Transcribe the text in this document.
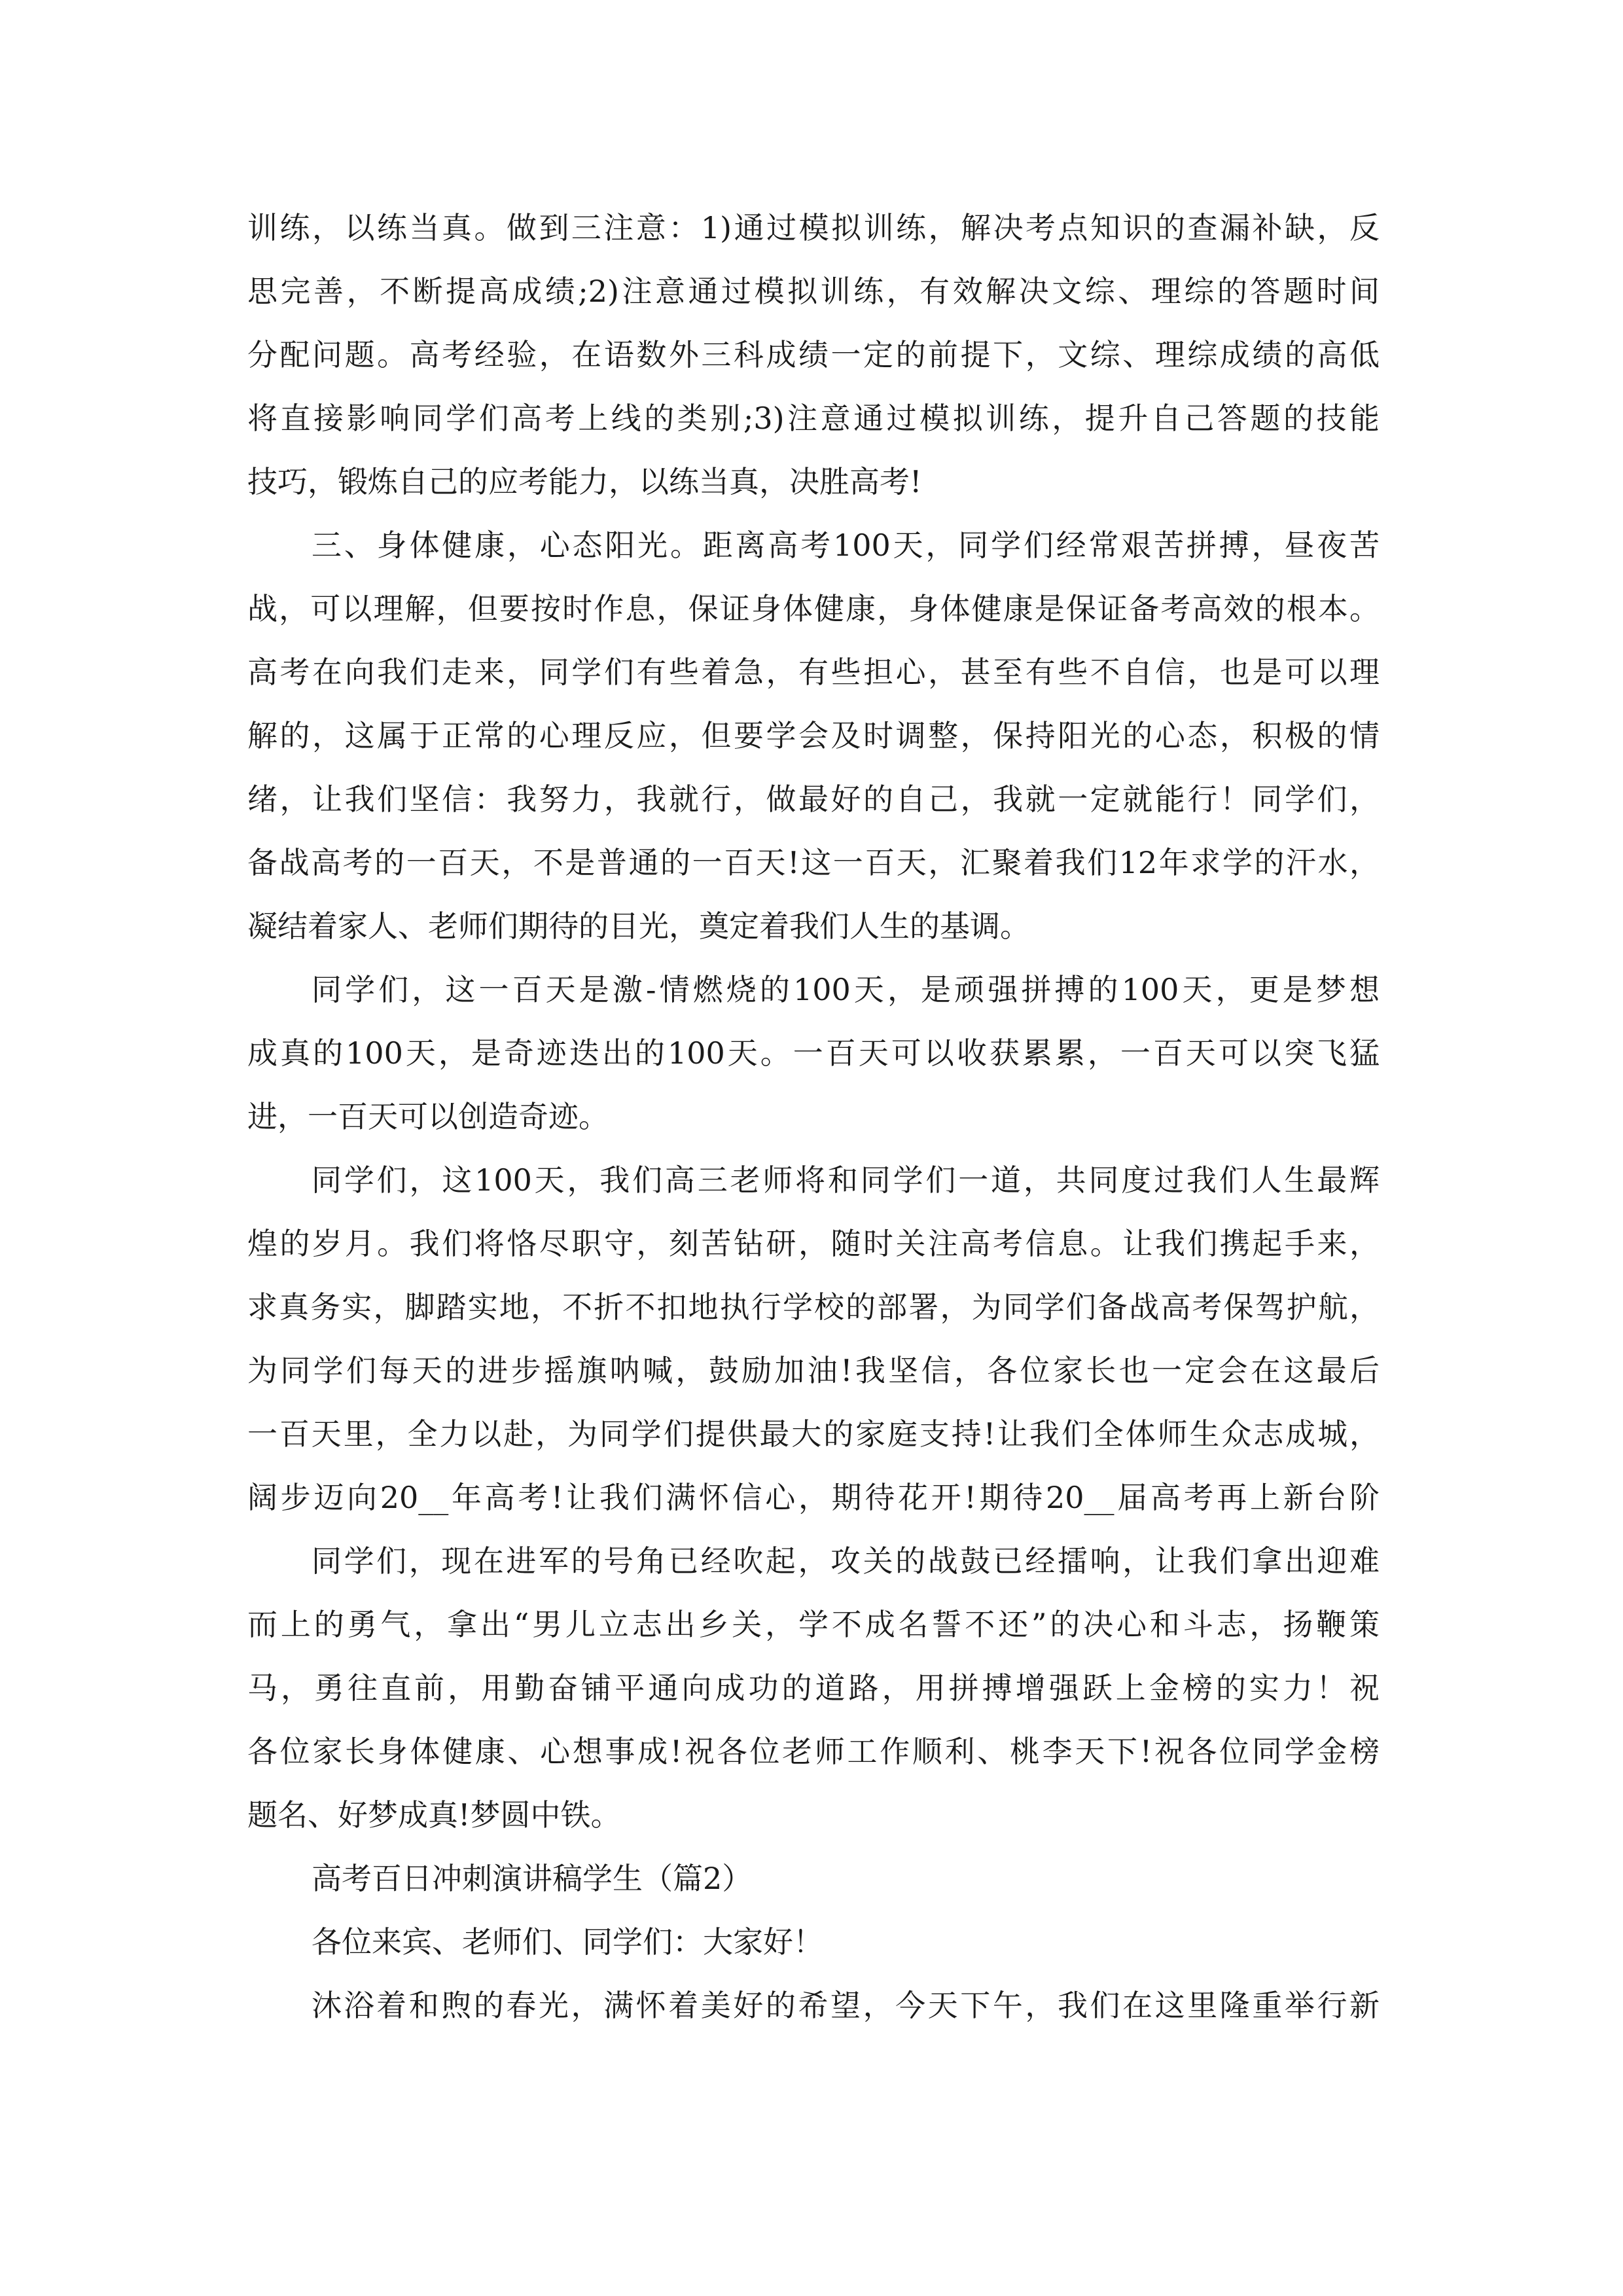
训练，以练当真。做到三注意：1)通过模拟训练，解决考点知识的查漏补缺，反
思完善，不断提高成绩;2)注意通过模拟训练，有效解决文综、理综的答题时间
分配问题。高考经验，在语数外三科成绩一定的前提下，文综、理综成绩的高低
将直接影响同学们高考上线的类别;3)注意通过模拟训练，提升自己答题的技能
技巧，锻炼自己的应考能力，以练当真，决胜高考!
三、身体健康，心态阳光。距离高考100天，同学们经常艰苦拼搏，昼夜苦
战，可以理解，但要按时作息，保证身体健康，身体健康是保证备考高效的根本。
高考在向我们走来，同学们有些着急，有些担心，甚至有些不自信，也是可以理
解的，这属于正常的心理反应，但要学会及时调整，保持阳光的心态，积极的情
绪，让我们坚信：我努力，我就行，做最好的自己，我就一定就能行！同学们，
备战高考的一百天，不是普通的一百天!这一百天，汇聚着我们12年求学的汗水，
凝结着家人、老师们期待的目光，奠定着我们人生的基调。
同学们，这一百天是激-情燃烧的100天，是顽强拼搏的100天，更是梦想
成真的100天，是奇迹迭出的100天。一百天可以收获累累，一百天可以突飞猛
进，一百天可以创造奇迹。
同学们，这100天，我们高三老师将和同学们一道，共同度过我们人生最辉
煌的岁月。我们将恪尽职守，刻苦钻研，随时关注高考信息。让我们携起手来，
求真务实，脚踏实地，不折不扣地执行学校的部署，为同学们备战高考保驾护航，
为同学们每天的进步摇旗呐喊，鼓励加油!我坚信，各位家长也一定会在这最后
一百天里，全力以赴，为同学们提供最大的家庭支持!让我们全体师生众志成城，
阔步迈向20__年高考!让我们满怀信心，期待花开!期待20__届高考再上新台阶
同学们，现在进军的号角已经吹起，攻关的战鼓已经擂响，让我们拿出迎难
而上的勇气，拿出“男儿立志出乡关，学不成名誓不还”的决心和斗志，扬鞭策
马，勇往直前，用勤奋铺平通向成功的道路，用拼搏增强跃上金榜的实力！祝
各位家长身体健康、心想事成!祝各位老师工作顺利、桃李天下!祝各位同学金榜
题名、好梦成真!梦圆中铁。
高考百日冲刺演讲稿学生（篇2）
各位来宾、老师们、同学们：大家好！
沐浴着和煦的春光，满怀着美好的希望，今天下午，我们在这里隆重举行新
